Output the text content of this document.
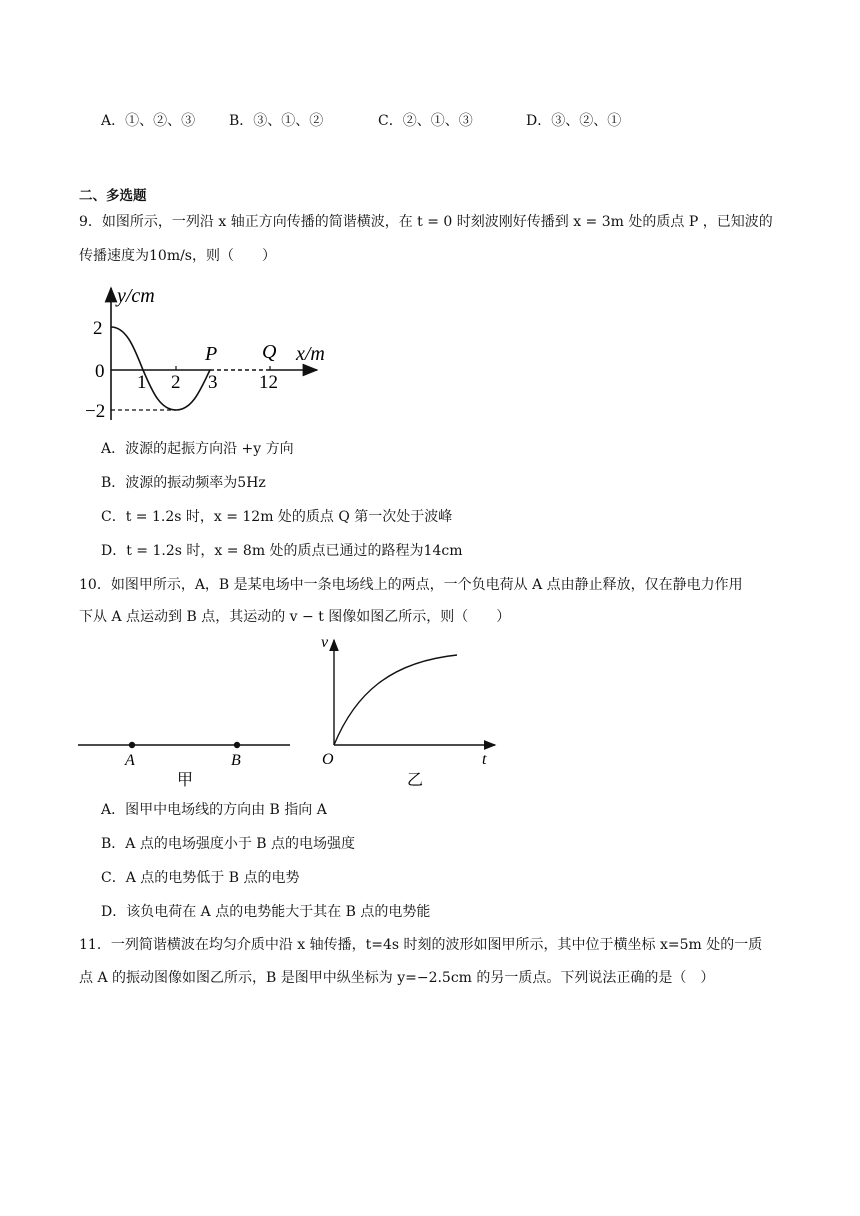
A．①、②、③ B．③、①、②	C．②、①、③	D．③、②、①
二、多选题
9．如图所示，一列沿 x 轴正方向传播的简谐横波，在 t = 0 时刻波刚好传播到 x = 3m 处的质点 P ，已知波的
传播速度为10m/s，则（　　）
y/cm
x/m
2
0
−2
1 2 3 12
P Q
A．波源的起振方向沿 +y 方向
B．波源的振动频率为5Hz
C．t = 1.2s 时，x = 12m 处的质点 Q 第一次处于波峰
D．t = 1.2s 时，x = 8m 处的质点已通过的路程为14cm
10．如图甲所示，A，B 是某电场中一条电场线上的两点，一个负电荷从 A 点由静止释放，仅在静电力作用
下从 A 点运动到 B 点，其运动的 v − t 图像如图乙所示，则（　　）
A	B
甲
v
t
O
乙
A．图甲中电场线的方向由 B 指向 A
B．A 点的电场强度小于 B 点的电场强度
C．A 点的电势低于 B 点的电势
D．该负电荷在 A 点的电势能大于其在 B 点的电势能
11．一列简谐横波在均匀介质中沿 x 轴传播，t=4s 时刻的波形如图甲所示，其中位于横坐标 x=5m 处的一质
点 A 的振动图像如图乙所示，B 是图甲中纵坐标为 y=−2.5cm 的另一质点。下列说法正确的是（　）
